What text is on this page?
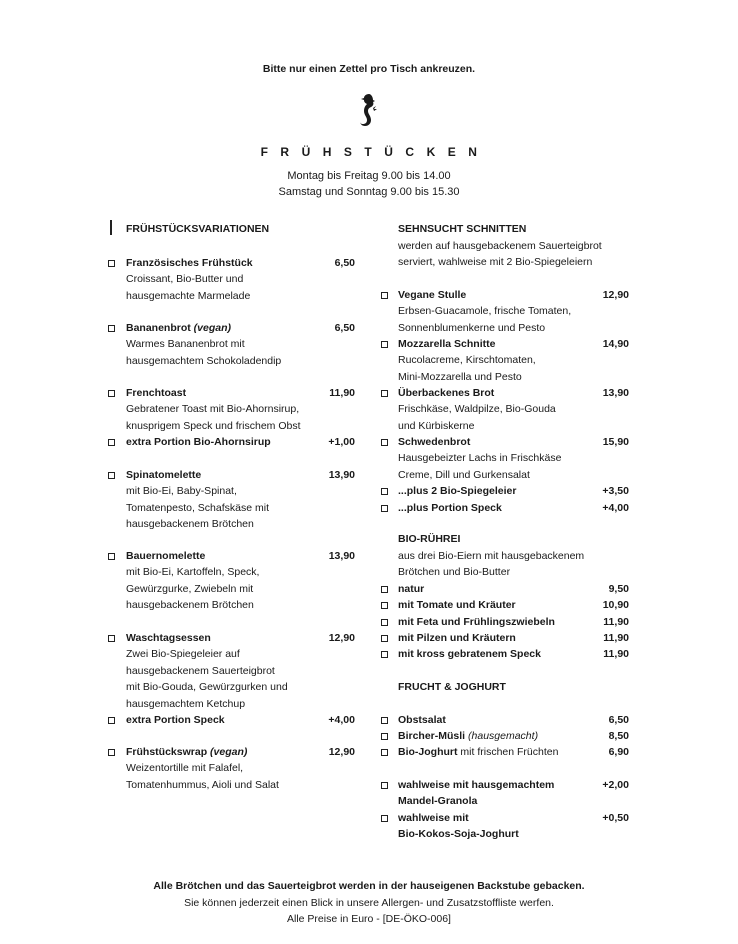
Bitte nur einen Zettel pro Tisch ankreuzen.
FRÜHSTÜCKEN
Montag bis Freitag 9.00 bis 14.00
Samstag und Sonntag 9.00 bis 15.30
FRÜHSTÜCKSVARIATIONEN	SEHNSUCHT SCHNITTEN
werden auf hausgebackenem Sauerteigbrot
serviert, wahlweise mit 2 Bio-Spiegeleiern
Alle Brötchen und das Sauerteigbrot werden in der hauseigenen Backstube gebacken.
Sie können jederzeit einen Blick in unsere Allergen- und Zusatzstoffliste werfen.
Alle Preise in Euro - [DE-ÖKO-006]
Französisches Frühstück	6,50
Croissant, Bio-Butter und
hausgemachte Marmelade
Bananenbrot (vegan)	6,50
Warmes Bananenbrot mit
hausgemachtem Schokoladendip
Frenchtoast	11,90
Gebratener Toast mit Bio-Ahornsirup,
knusprigem Speck und frischem Obst
extra Portion Bio-Ahornsirup	+1,00
Spinatomelette	13,90
mit Bio-Ei, Baby-Spinat,
Tomatenpesto, Schafskäse mit
hausgebackenem Brötchen
Bauernomelette	13,90
mit Bio-Ei, Kartoffeln, Speck,
Gewürzgurke, Zwiebeln mit
hausgebackenem Brötchen
Waschtagsessen	12,90
Zwei Bio-Spiegeleier auf
hausgebackenem Sauerteigbrot
mit Bio-Gouda, Gewürzgurken und
hausgemachtem Ketchup
extra Portion Speck	+4,00
Frühstückswrap (vegan)	12,90
Weizentortille mit Falafel,
Tomatenhummus, Aioli und Salat
Vegane Stulle	12,90
Erbsen-Guacamole, frische Tomaten,
Sonnenblumenkerne und Pesto
Mozzarella Schnitte	14,90
Rucolacreme, Kirschtomaten,
Mini-Mozzarella und Pesto
Überbackenes Brot	13,90
Frischkäse, Waldpilze, Bio-Gouda
und Kürbiskerne
Schwedenbrot	15,90
Hausgebeizter Lachs in Frischkäse
Creme, Dill und Gurkensalat
...plus 2 Bio-Spiegeleier	+3,50
...plus Portion Speck	+4,00
BIO-RÜHREI
aus drei Bio-Eiern mit hausgebackenem
Brötchen und Bio-Butter
natur	9,50
mit Tomate und Kräuter	10,90
mit Feta und Frühlingszwiebeln	11,90
mit Pilzen und Kräutern	11,90
mit kross gebratenem Speck	11,90
FRUCHT & JOGHURT
Obstsalat	6,50
Bircher-Müsli (hausgemacht)	8,50
Bio-Joghurt mit frischen Früchten	6,90
wahlweise mit hausgemachtem	+2,00
Mandel-Granola
wahlweise mit	+0,50
Bio-Kokos-Soja-Joghurt
